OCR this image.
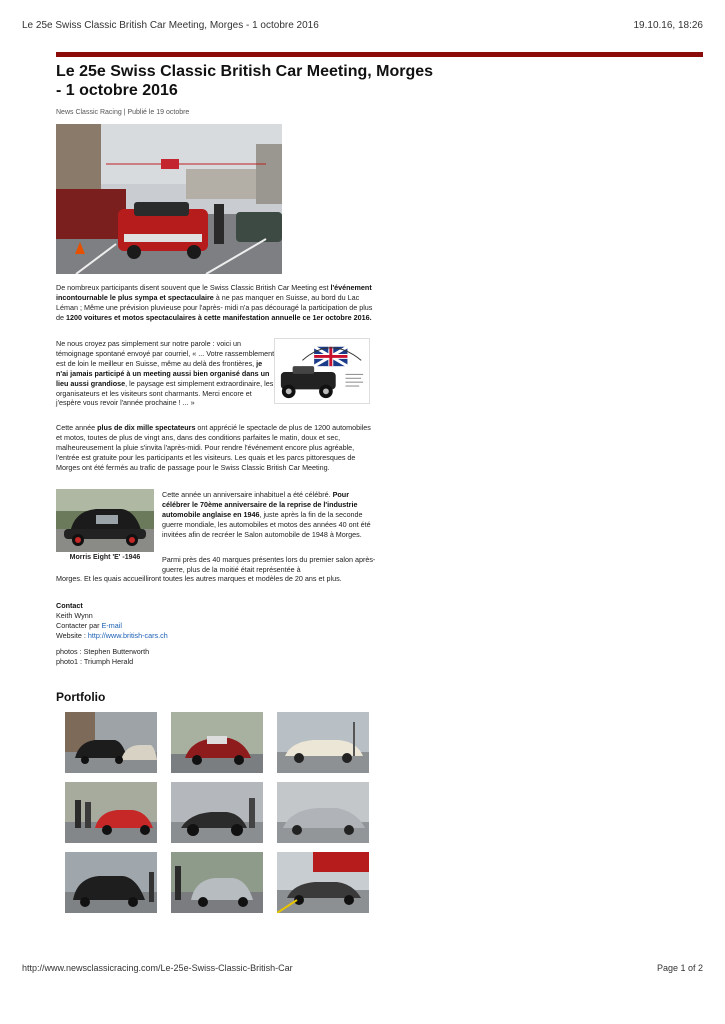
Le 25e Swiss Classic British Car Meeting, Morges - 1 octobre 2016	19.10.16, 18:26
Le 25e Swiss Classic British Car Meeting, Morges - 1 octobre 2016
News Classic Racing | Publié le 19 octobre

De nombreux participants disent souvent que le Swiss Classic British Car Meeting est l'événement incontournable le plus sympa et spectaculaire à ne pas manquer en Suisse, au bord du Lac Léman ; Même une prévision pluvieuse pour l'après- midi n'a pas découragé la participation de plus de 1200 voitures et motos spectaculaires à cette manifestation annuelle ce 1er octobre 2016.

Ne nous croyez pas simplement sur notre parole : voici un témoignage spontané envoyé par courriel, « ... Votre rassemblement est de loin le meilleur en Suisse, même au delà des frontières, je n'ai jamais participé à un meeting aussi bien organisé dans un lieu aussi grandiose, le paysage est simplement extraordinaire, les organisateurs et les visiteurs sont charmants. Merci encore et j'espère vous revoir l'année prochaine ! ... »

Cette année plus de dix mille spectateurs ont apprécié le spectacle de plus de 1200 automobiles et motos, toutes de plus de vingt ans, dans des conditions parfaites le matin, doux et sec, malheureusement la pluie s'invita l'après-midi. Pour rendre l'événement encore plus agréable, l'entrée est gratuite pour les participants et les visiteurs. Les quais et les parcs pittoresques de Morges ont été fermés au trafic de passage pour le Swiss Classic British Car Meeting.

Morris Eight 'E' -1946

Cette année un anniversaire inhabituel a été célébré. Pour célébrer le 70ème anniversaire de la reprise de l'industrie automobile anglaise en 1946, juste après la fin de la seconde guerre mondiale, les automobiles et motos des années 40 ont été invitées afin de recréer le Salon automobile de 1948 à Morges.

Parmi près des 40 marques présentes lors du premier salon après-guerre, plus de la moitié était représentée à

Morges. Et les quais accueilliront toutes les autres marques et modèles de 20 ans et plus.

Contact
Keith Wynn
Contacter par E-mail
Website : http://www.british-cars.ch
photos : Stephen Butterworth
photo1 : Triumph Herald
Portfolio
http://www.newsclassicracing.com/Le-25e-Swiss-Classic-British-Car	Page 1 of 2
